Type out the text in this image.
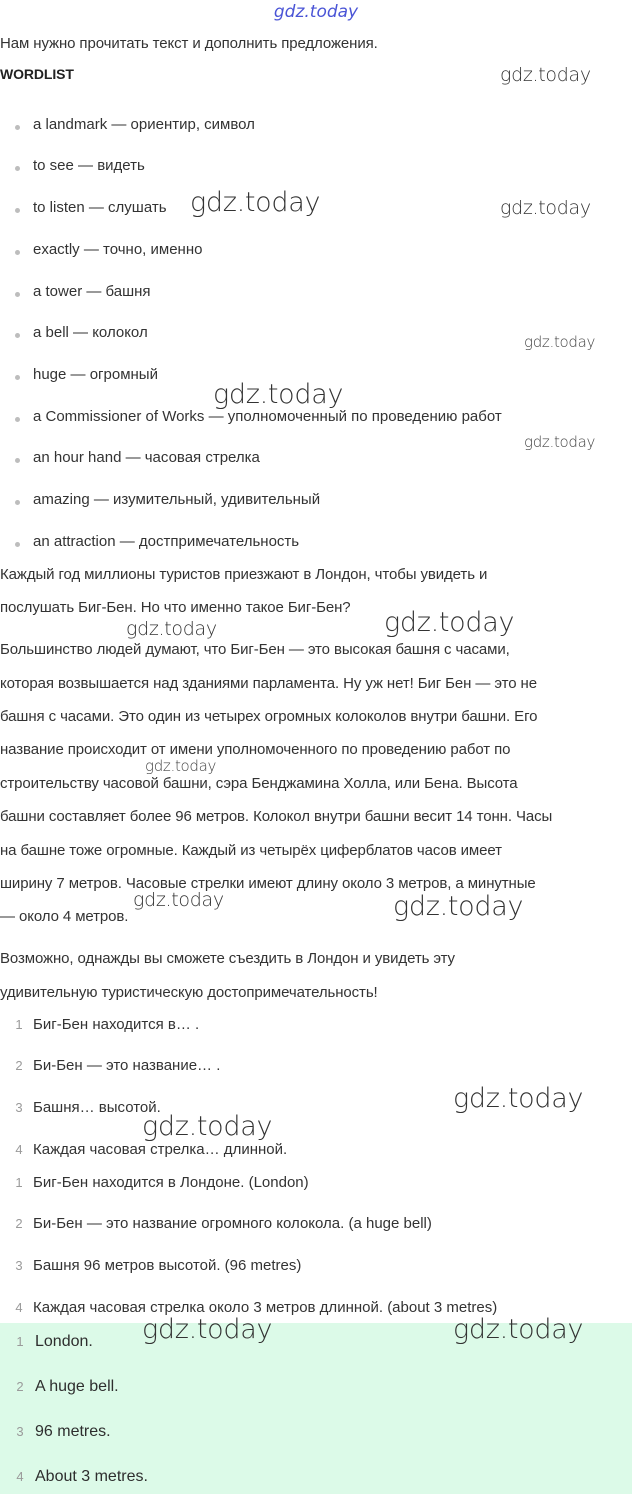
gdz.today
Нам нужно прочитать текст и дополнить предложения.
WORDLIST
a landmark — ориентир, символ
to see — видеть
to listen — слушать
exactly — точно, именно
a tower — башня
a bell — колокол
huge — огромный
a Commissioner of Works — уполномоченный по проведению работ
an hour hand — часовая стрелка
amazing — изумительный, удивительный
an attraction — достпримечательность
Каждый год миллионы туристов приезжают в Лондон, чтобы увидеть и
послушать Биг-Бен. Но что именно такое Биг-Бен?
Большинство людей думают, что Биг-Бен — это высокая башня с часами,
которая возвышается над зданиями парламента. Ну уж нет! Биг Бен — это не
башня с часами. Это один из четырех огромных колоколов внутри башни. Его
название происходит от имени уполномоченного по проведению работ по
строительству часовой башни, сэра Бенджамина Холла, или Бена. Высота
башни составляет более 96 метров. Колокол внутри башни весит 14 тонн. Часы
на башне тоже огромные. Каждый из четырёх циферблатов часов имеет
ширину 7 метров. Часовые стрелки имеют длину около 3 метров, а минутные
— около 4 метров.
Возможно, однажды вы сможете съездить в Лондон и увидеть эту
удивительную туристическую достопримечательность!
1 Биг-Бен находится в… .
2 Би-Бен — это название… .
3 Башня… высотой.
4 Каждая часовая стрелка… длинной.
1 Биг-Бен находится в Лондоне. (London)
2 Би-Бен — это название огромного колокола. (a huge bell)
3 Башня 96 метров высотой. (96 metres)
4 Каждая часовая стрелка около 3 метров длинной. (about 3 metres)
1 London.
2 A huge bell.
3 96 metres.
4 About 3 metres.
gdz.today
gdz.today	gdz.today
gdz.today
gdz.today
gdz.today
gdz.today	gdz.today
gdz.today
gdz.today	gdz.today
gdz.today
gdz.today
gdz.today	gdz.today
